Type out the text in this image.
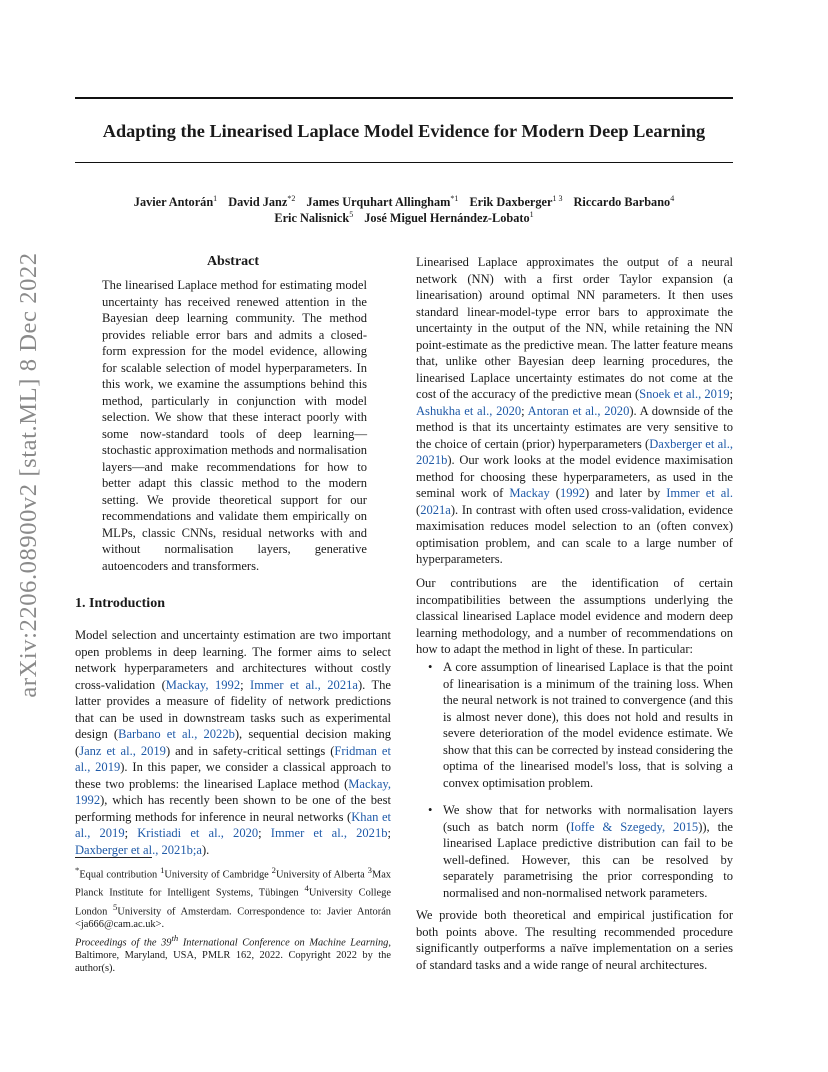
Adapting the Linearised Laplace Model Evidence for Modern Deep Learning
Javier Antorán$^1$ David Janz$^{*2}$ James Urquhart Allingham$^{*1}$ Erik Daxberger$^{1 3}$ Riccardo Barbano$^4$
Eric Nalisnick$^5$ José Miguel Hernández-Lobato$^1$
arXiv:2206.08900v2 [stat.ML] 8 Dec 2022	Abstract
The linearised Laplace method for estimating model uncertainty has received renewed attention in the Bayesian deep learning community. The method provides reliable error bars and admits a closed-form expression for the model evidence, allowing for scalable selection of model hyperparameters. In this work, we examine the assumptions behind this method, particularly in conjunction with model selection. We show that these interact poorly with some now-standard tools of deep learning—stochastic approximation methods and normalisation layers—and make recommendations for how to better adapt this classic method to the modern setting. We provide theoretical support for our recommendations and validate them empirically on MLPs, classic CNNs, residual networks with and without normalisation layers, generative autoencoders and transformers.
1. Introduction
Model selection and uncertainty estimation are two important open problems in deep learning. The former aims to select network hyperparameters and architectures without costly cross-validation (Mackay, 1992; Immer et al., 2021a). The latter provides a measure of fidelity of network predictions that can be used in downstream tasks such as experimental design (Barbano et al., 2022b), sequential decision making (Janz et al., 2019) and in safety-critical settings (Fridman et al., 2019). In this paper, we consider a classical approach to these two problems: the linearised Laplace method (Mackay, 1992), which has recently been shown to be one of the best performing methods for inference in neural networks (Khan et al., 2019; Kristiadi et al., 2020; Immer et al., 2021b; Daxberger et al., 2021b;a).
*Equal contribution $^1$University of Cambridge $^2$University of Alberta $^3$Max Planck Institute for Intelligent Systems, Tübingen $^4$University College London $^5$University of Amsterdam. Correspondence to: Javier Antorán <ja666@cam.ac.uk>.
Proceedings of the 39th International Conference on Machine Learning, Baltimore, Maryland, USA, PMLR 162, 2022. Copyright 2022 by the author(s).
Linearised Laplace approximates the output of a neural network (NN) with a first order Taylor expansion (a linearisation) around optimal NN parameters. It then uses standard linear-model-type error bars to approximate the uncertainty in the output of the NN, while retaining the NN point-estimate as the predictive mean. The latter feature means that, unlike other Bayesian deep learning procedures, the linearised Laplace uncertainty estimates do not come at the cost of the accuracy of the predictive mean (Snoek et al., 2019; Ashukha et al., 2020; Antoran et al., 2020). A downside of the method is that its uncertainty estimates are very sensitive to the choice of certain (prior) hyperparameters (Daxberger et al., 2021b). Our work looks at the model evidence maximisation method for choosing these hyperparameters, as used in the seminal work of Mackay (1992) and later by Immer et al. (2021a). In contrast with often used cross-validation, evidence maximisation reduces model selection to an (often convex) optimisation problem, and can scale to a large number of hyperparameters.
Our contributions are the identification of certain incompatibilities between the assumptions underlying the classical linearised Laplace model evidence and modern deep learning methodology, and a number of recommendations on how to adapt the method in light of these. In particular:
• A core assumption of linearised Laplace is that the point of linearisation is a minimum of the training loss. When the neural network is not trained to convergence (and this is almost never done), this does not hold and results in severe deterioration of the model evidence estimate. We show that this can be corrected by instead considering the optima of the linearised model's loss, that is solving a convex optimisation problem.
• We show that for networks with normalisation layers (such as batch norm (Ioffe & Szegedy, 2015)), the linearised Laplace predictive distribution can fail to be well-defined. However, this can be resolved by separately parametrising the prior corresponding to normalised and non-normalised network parameters.
We provide both theoretical and empirical justification for both points above. The resulting recommended procedure significantly outperforms a naïve implementation on a series of standard tasks and a wide range of neural architectures.
